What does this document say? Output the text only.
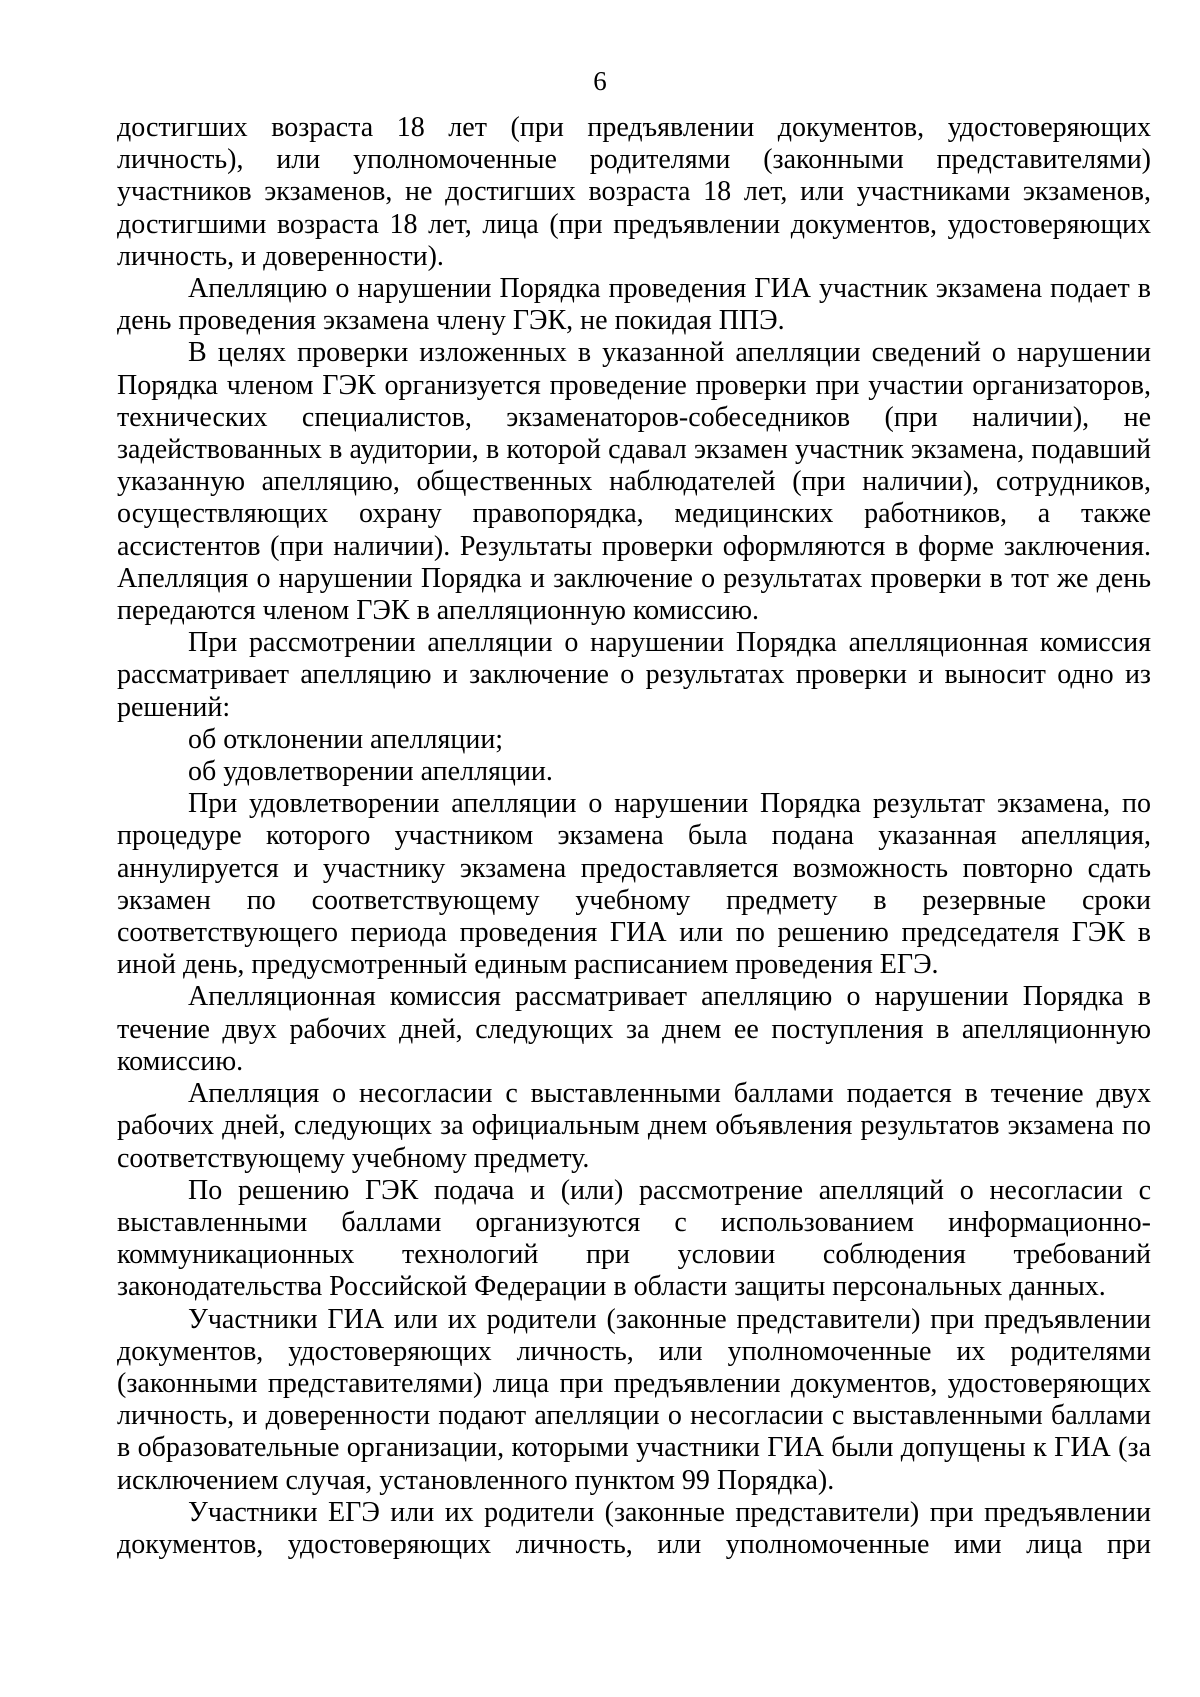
6

достигших возраста 18 лет (при предъявлении документов, удостоверяющих личность), или уполномоченные родителями (законными представителями) участников экзаменов, не достигших возраста 18 лет, или участниками экзаменов, достигшими возраста 18 лет, лица (при предъявлении документов, удостоверяющих личность, и доверенности).

Апелляцию о нарушении Порядка проведения ГИА участник экзамена подает в день проведения экзамена члену ГЭК, не покидая ППЭ.

В целях проверки изложенных в указанной апелляции сведений о нарушении Порядка членом ГЭК организуется проведение проверки при участии организаторов, технических специалистов, экзаменаторов-собеседников (при наличии), не задействованных в аудитории, в которой сдавал экзамен участник экзамена, подавший указанную апелляцию, общественных наблюдателей (при наличии), сотрудников, осуществляющих охрану правопорядка, медицинских работников, а также ассистентов (при наличии). Результаты проверки оформляются в форме заключения. Апелляция о нарушении Порядка и заключение о результатах проверки в тот же день передаются членом ГЭК в апелляционную комиссию.

При рассмотрении апелляции о нарушении Порядка апелляционная комиссия рассматривает апелляцию и заключение о результатах проверки и выносит одно из решений:

об отклонении апелляции;

об удовлетворении апелляции.

При удовлетворении апелляции о нарушении Порядка результат экзамена, по процедуре которого участником экзамена была подана указанная апелляция, аннулируется и участнику экзамена предоставляется возможность повторно сдать экзамен по соответствующему учебному предмету в резервные сроки соответствующего периода проведения ГИА или по решению председателя ГЭК в иной день, предусмотренный единым расписанием проведения ЕГЭ.

Апелляционная комиссия рассматривает апелляцию о нарушении Порядка в течение двух рабочих дней, следующих за днем ее поступления в апелляционную комиссию.

Апелляция о несогласии с выставленными баллами подается в течение двух рабочих дней, следующих за официальным днем объявления результатов экзамена по соответствующему учебному предмету.

По решению ГЭК подача и (или) рассмотрение апелляций о несогласии с выставленными баллами организуются с использованием информационно-коммуникационных технологий при условии соблюдения требований законодательства Российской Федерации в области защиты персональных данных.

Участники ГИА или их родители (законные представители) при предъявлении документов, удостоверяющих личность, или уполномоченные их родителями (законными представителями) лица при предъявлении документов, удостоверяющих личность, и доверенности подают апелляции о несогласии с выставленными баллами в образовательные организации, которыми участники ГИА были допущены к ГИА (за исключением случая, установленного пунктом 99 Порядка).

Участники ЕГЭ или их родители (законные представители) при предъявлении документов, удостоверяющих личность, или уполномоченные ими лица при
